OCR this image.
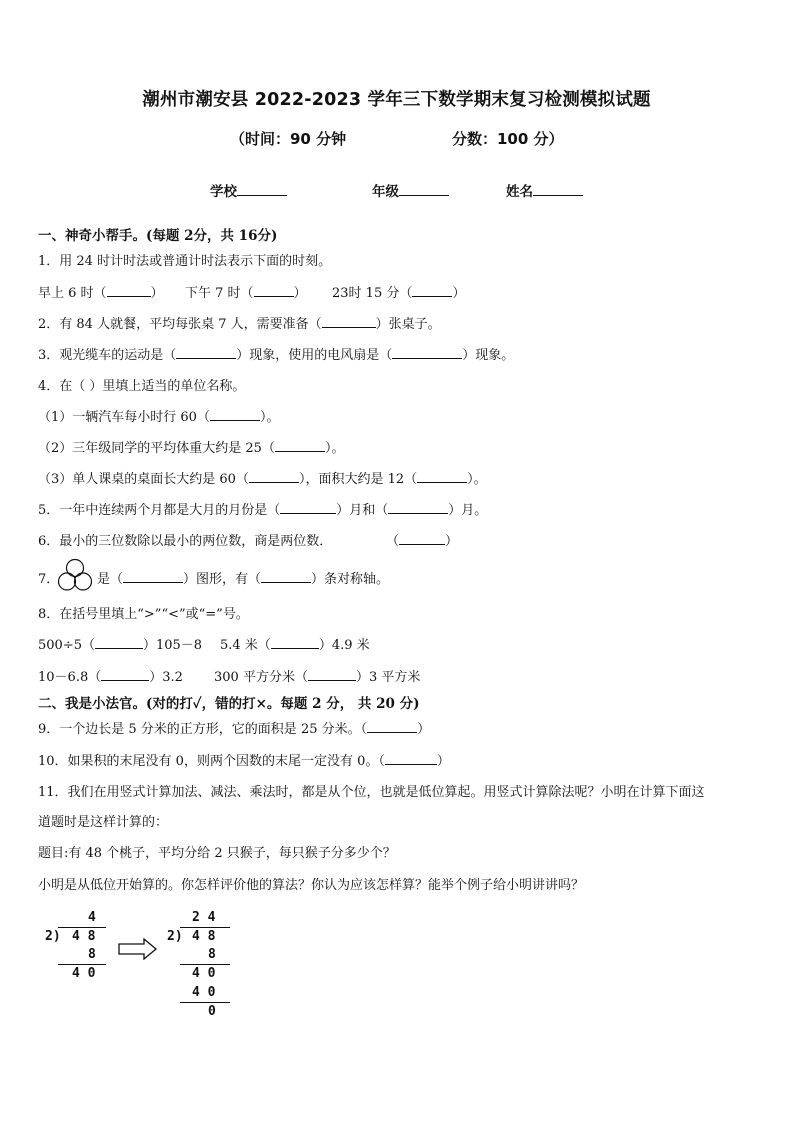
潮州市潮安县 2022-2023 学年三下数学期末复习检测模拟试题
（时间：90 分钟	分数：100 分）
学校	年级	姓名
一、神奇小帮手。(每题 2分，共 16分)
1．用 24 时计时法或普通计时法表示下面的时刻。
早上 6 时（	） 下午 7 时（	） 23时 15 分（	）
2．有 84 人就餐，平均每张桌 7 人，需要准备（	）张桌子。
3．观光缆车的运动是（	）现象，使用的电风扇是（	）现象。
4．在（ ）里填上适当的单位名称。
（1）一辆汽车每小时行 60（	）。
（2）三年级同学的平均体重大约是 25（	）。
（3）单人课桌的桌面长大约是 60（	），面积大约是 12（	）。
5．一年中连续两个月都是大月的月份是（	）月和（	）月。
6．最小的三位数除以最小的两位数，商是两位数．	（	）
7．	是（	）图形，有（	）条对称轴。
8．在括号里填上“>”“<”或“=”号。
500÷5（	）105－8 5.4 米（	）4.9 米
10－6.8（	）3.2 300 平方分米（	）3 平方米
二、我是小法官。(对的打✓，错的打×。每题 2 分， 共 20 分)
9．一个边长是 5 分米的正方形，它的面积是 25 分米。（	）
10．如果积的末尾没有 0，则两个因数的末尾一定没有 0。（	）
11．我们在用竖式计算加法、减法、乘法时，都是从个位，也就是低位算起。用竖式计算除法呢？小明在计算下面这
道题时是这样计算的：
题目:有 48 个桃子，平均分给 2 只猴子，每只猴子分多少个？
小明是从低位开始算的。你怎样评价他的算法？你认为应该怎样算？能举个例子给小明讲讲吗？
4
2) 4 8
8
4 0
2 4
2) 4 8
8
4 0
4 0
0
